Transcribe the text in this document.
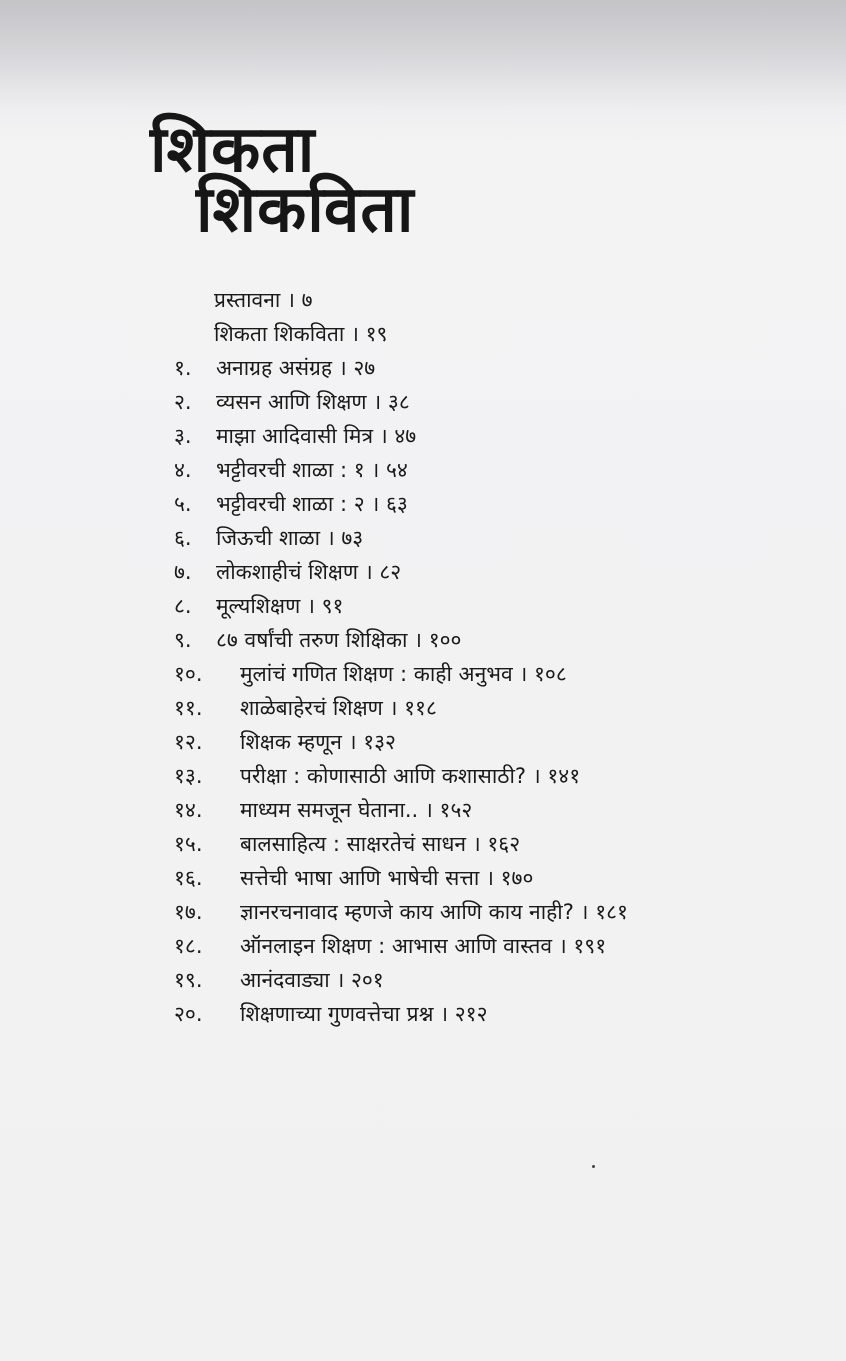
शिकता
शिकविता
प्रस्तावना । ७
शिकता शिकविता । १९
१. अनाग्रह असंग्रह । २७
२. व्यसन आणि शिक्षण । ३८
३. माझा आदिवासी मित्र । ४७
४. भट्टीवरची शाळा : १ । ५४
५. भट्टीवरची शाळा : २ । ६३
६. जिऊची शाळा । ७३
७. लोकशाहीचं शिक्षण । ८२
८. मूल्यशिक्षण । ९१
९. ८७ वर्षांची तरुण शिक्षिका । १००
१०. मुलांचं गणित शिक्षण : काही अनुभव । १०८
११. शाळेबाहेरचं शिक्षण । ११८
१२. शिक्षक म्हणून । १३२
१३. परीक्षा : कोणासाठी आणि कशासाठी? । १४१
१४. माध्यम समजून घेताना.. । १५२
१५. बालसाहित्य : साक्षरतेचं साधन । १६२
१६. सत्तेची भाषा आणि भाषेची सत्ता । १७०
१७. ज्ञानरचनावाद म्हणजे काय आणि काय नाही? । १८१
१८. ऑनलाइन शिक्षण : आभास आणि वास्तव । १९१
१९. आनंदवाड्या । २०१
२०. शिक्षणाच्या गुणवत्तेचा प्रश्न । २१२
